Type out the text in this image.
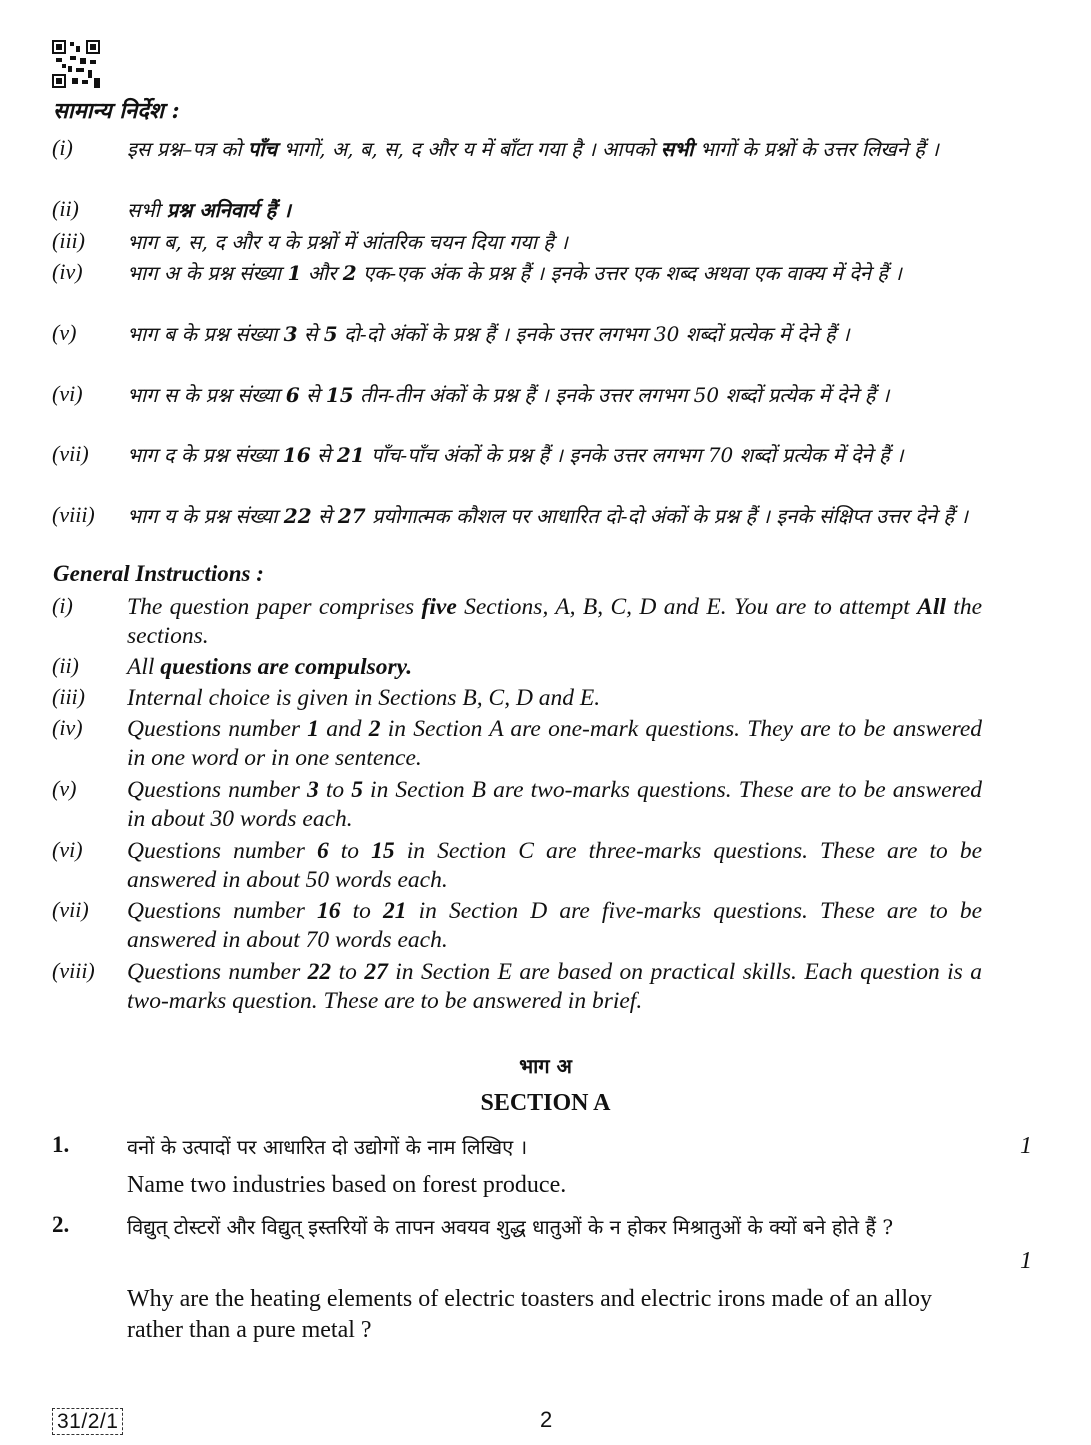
सामान्य निर्देश :
(i)	इस प्रश्न–पत्र को पाँच भागों, अ, ब, स, द और य में बाँटा गया है । आपको सभी भागों के प्रश्नों के उत्तर लिखने हैं ।
(ii) सभी प्रश्न अनिवार्य हैं ।
(iii) भाग ब, स, द और य के प्रश्नों में आंतरिक चयन दिया गया है ।
(iv) भाग अ के प्रश्न संख्या 1 और 2 एक-एक अंक के प्रश्न हैं । इनके उत्तर एक शब्द अथवा एक वाक्य में देने हैं ।
(v)	भाग ब के प्रश्न संख्या 3 से 5 दो-दो अंकों के प्रश्न हैं । इनके उत्तर लगभग 30 शब्दों प्रत्येक में देने हैं ।
(vi) भाग स के प्रश्न संख्या 6 से 15 तीन-तीन अंकों के प्रश्न हैं । इनके उत्तर लगभग 50 शब्दों प्रत्येक में देने हैं ।
(vii) भाग द के प्रश्न संख्या 16 से 21 पाँच-पाँच अंकों के प्रश्न हैं । इनके उत्तर लगभग 70 शब्दों प्रत्येक में देने हैं ।
(viii) भाग य के प्रश्न संख्या 22 से 27 प्रयोगात्मक कौशल पर आधारित दो-दो अंकों के प्रश्न हैं । इनके संक्षिप्त उत्तर देने हैं ।
General Instructions :
(i) The question paper comprises five Sections, A, B, C, D and E. You are to attempt All the sections.
(ii) All questions are compulsory.
(iii) Internal choice is given in Sections B, C, D and E.
(iv) Questions number 1 and 2 in Section A are one-mark questions. They are to be answered in one word or in one sentence.
(v) Questions number 3 to 5 in Section B are two-marks questions. These are to be answered in about 30 words each.
(vi) Questions number 6 to 15 in Section C are three-marks questions. These are to be answered in about 50 words each.
(vii) Questions number 16 to 21 in Section D are five-marks questions. These are to be answered in about 70 words each.
(viii) Questions number 22 to 27 in Section E are based on practical skills. Each question is a two-marks question. These are to be answered in brief.
भाग अ
SECTION A
1.	वनों के उत्पादों पर आधारित दो उद्योगों के नाम लिखिए ।
Name two industries based on forest produce.
1
2.	विद्युत् टोस्टरों और विद्युत् इस्तरियों के तापन अवयव शुद्ध धातुओं के न होकर मिश्रातुओं के क्यों बने होते हैं ?
Why are the heating elements of electric toasters and electric irons made of an alloy rather than a pure metal ?
1
31/2/1	2
